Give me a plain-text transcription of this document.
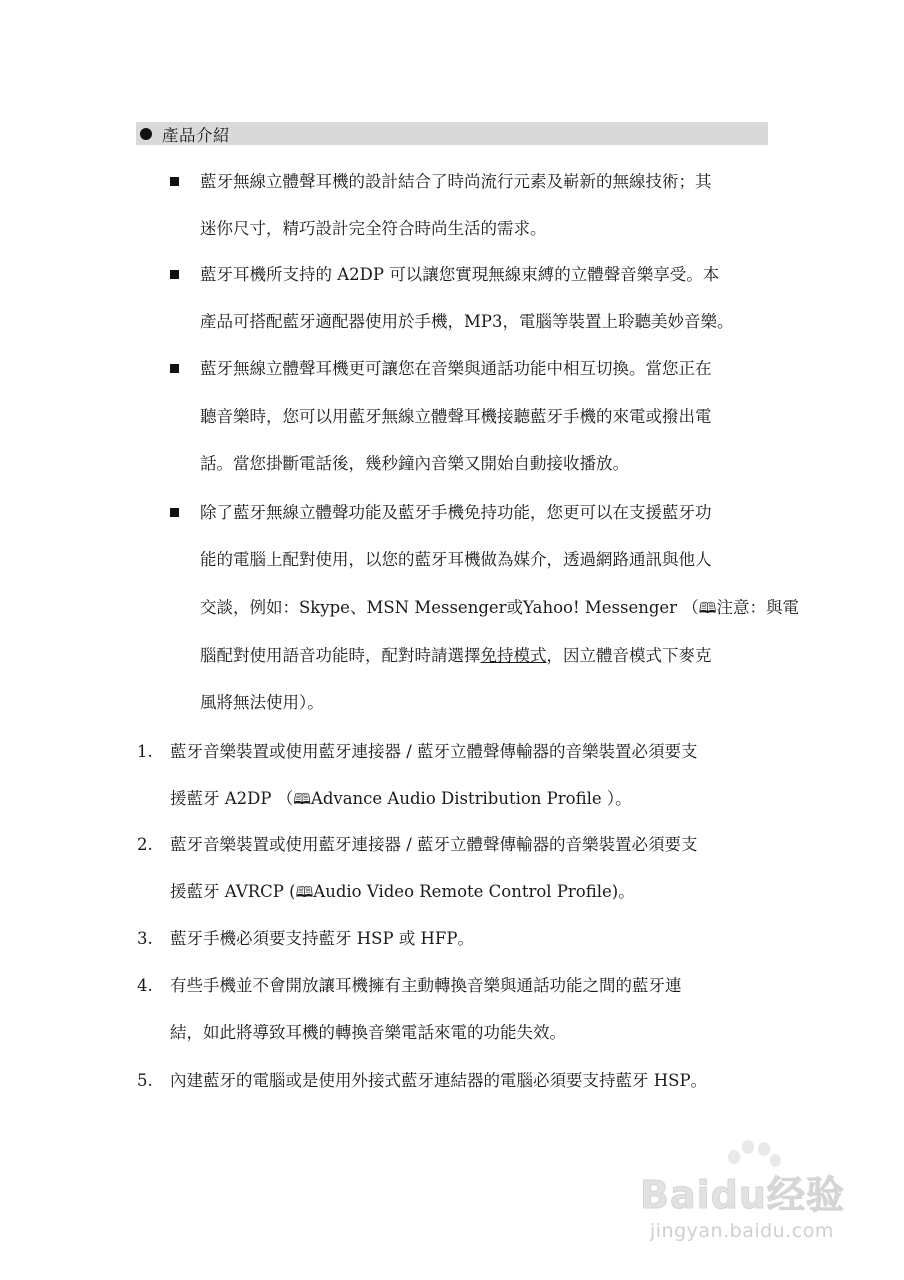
產品介紹
藍牙無線立體聲耳機的設計結合了時尚流行元素及嶄新的無線技術；其
迷你尺寸，精巧設計完全符合時尚生活的需求。
藍牙耳機所支持的 A2DP 可以讓您實現無線束縛的立體聲音樂享受。本
產品可搭配藍牙適配器使用於手機，MP3，電腦等裝置上聆聽美妙音樂。
藍牙無線立體聲耳機更可讓您在音樂與通話功能中相互切換。當您正在
聽音樂時，您可以用藍牙無線立體聲耳機接聽藍牙手機的來電或撥出電
話。當您掛斷電話後，幾秒鐘內音樂又開始自動接收播放。
除了藍牙無線立體聲功能及藍牙手機免持功能，您更可以在支援藍牙功
能的電腦上配對使用，以您的藍牙耳機做為媒介，透過網路通訊與他人
交談，例如：Skype、MSN Messenger或Yahoo! Messenger （🕮注意：與電
腦配對使用語音功能時，配對時請選擇免持模式，因立體音模式下麥克
風將無法使用）。
1. 藍牙音樂裝置或使用藍牙連接器 / 藍牙立體聲傳輸器的音樂裝置必須要支
援藍牙 A2DP （🕮Advance Audio Distribution Profile ）。
2. 藍牙音樂裝置或使用藍牙連接器 / 藍牙立體聲傳輸器的音樂裝置必須要支
援藍牙 AVRCP (🕮Audio Video Remote Control Profile)。
3. 藍牙手機必須要支持藍牙 HSP 或 HFP。
4. 有些手機並不會開放讓耳機擁有主動轉換音樂與通話功能之間的藍牙連
結，如此將導致耳機的轉換音樂電話來電的功能失效。
5. 內建藍牙的電腦或是使用外接式藍牙連結器的電腦必須要支持藍牙 HSP。
Baidu经验
jingyan.baidu.com
